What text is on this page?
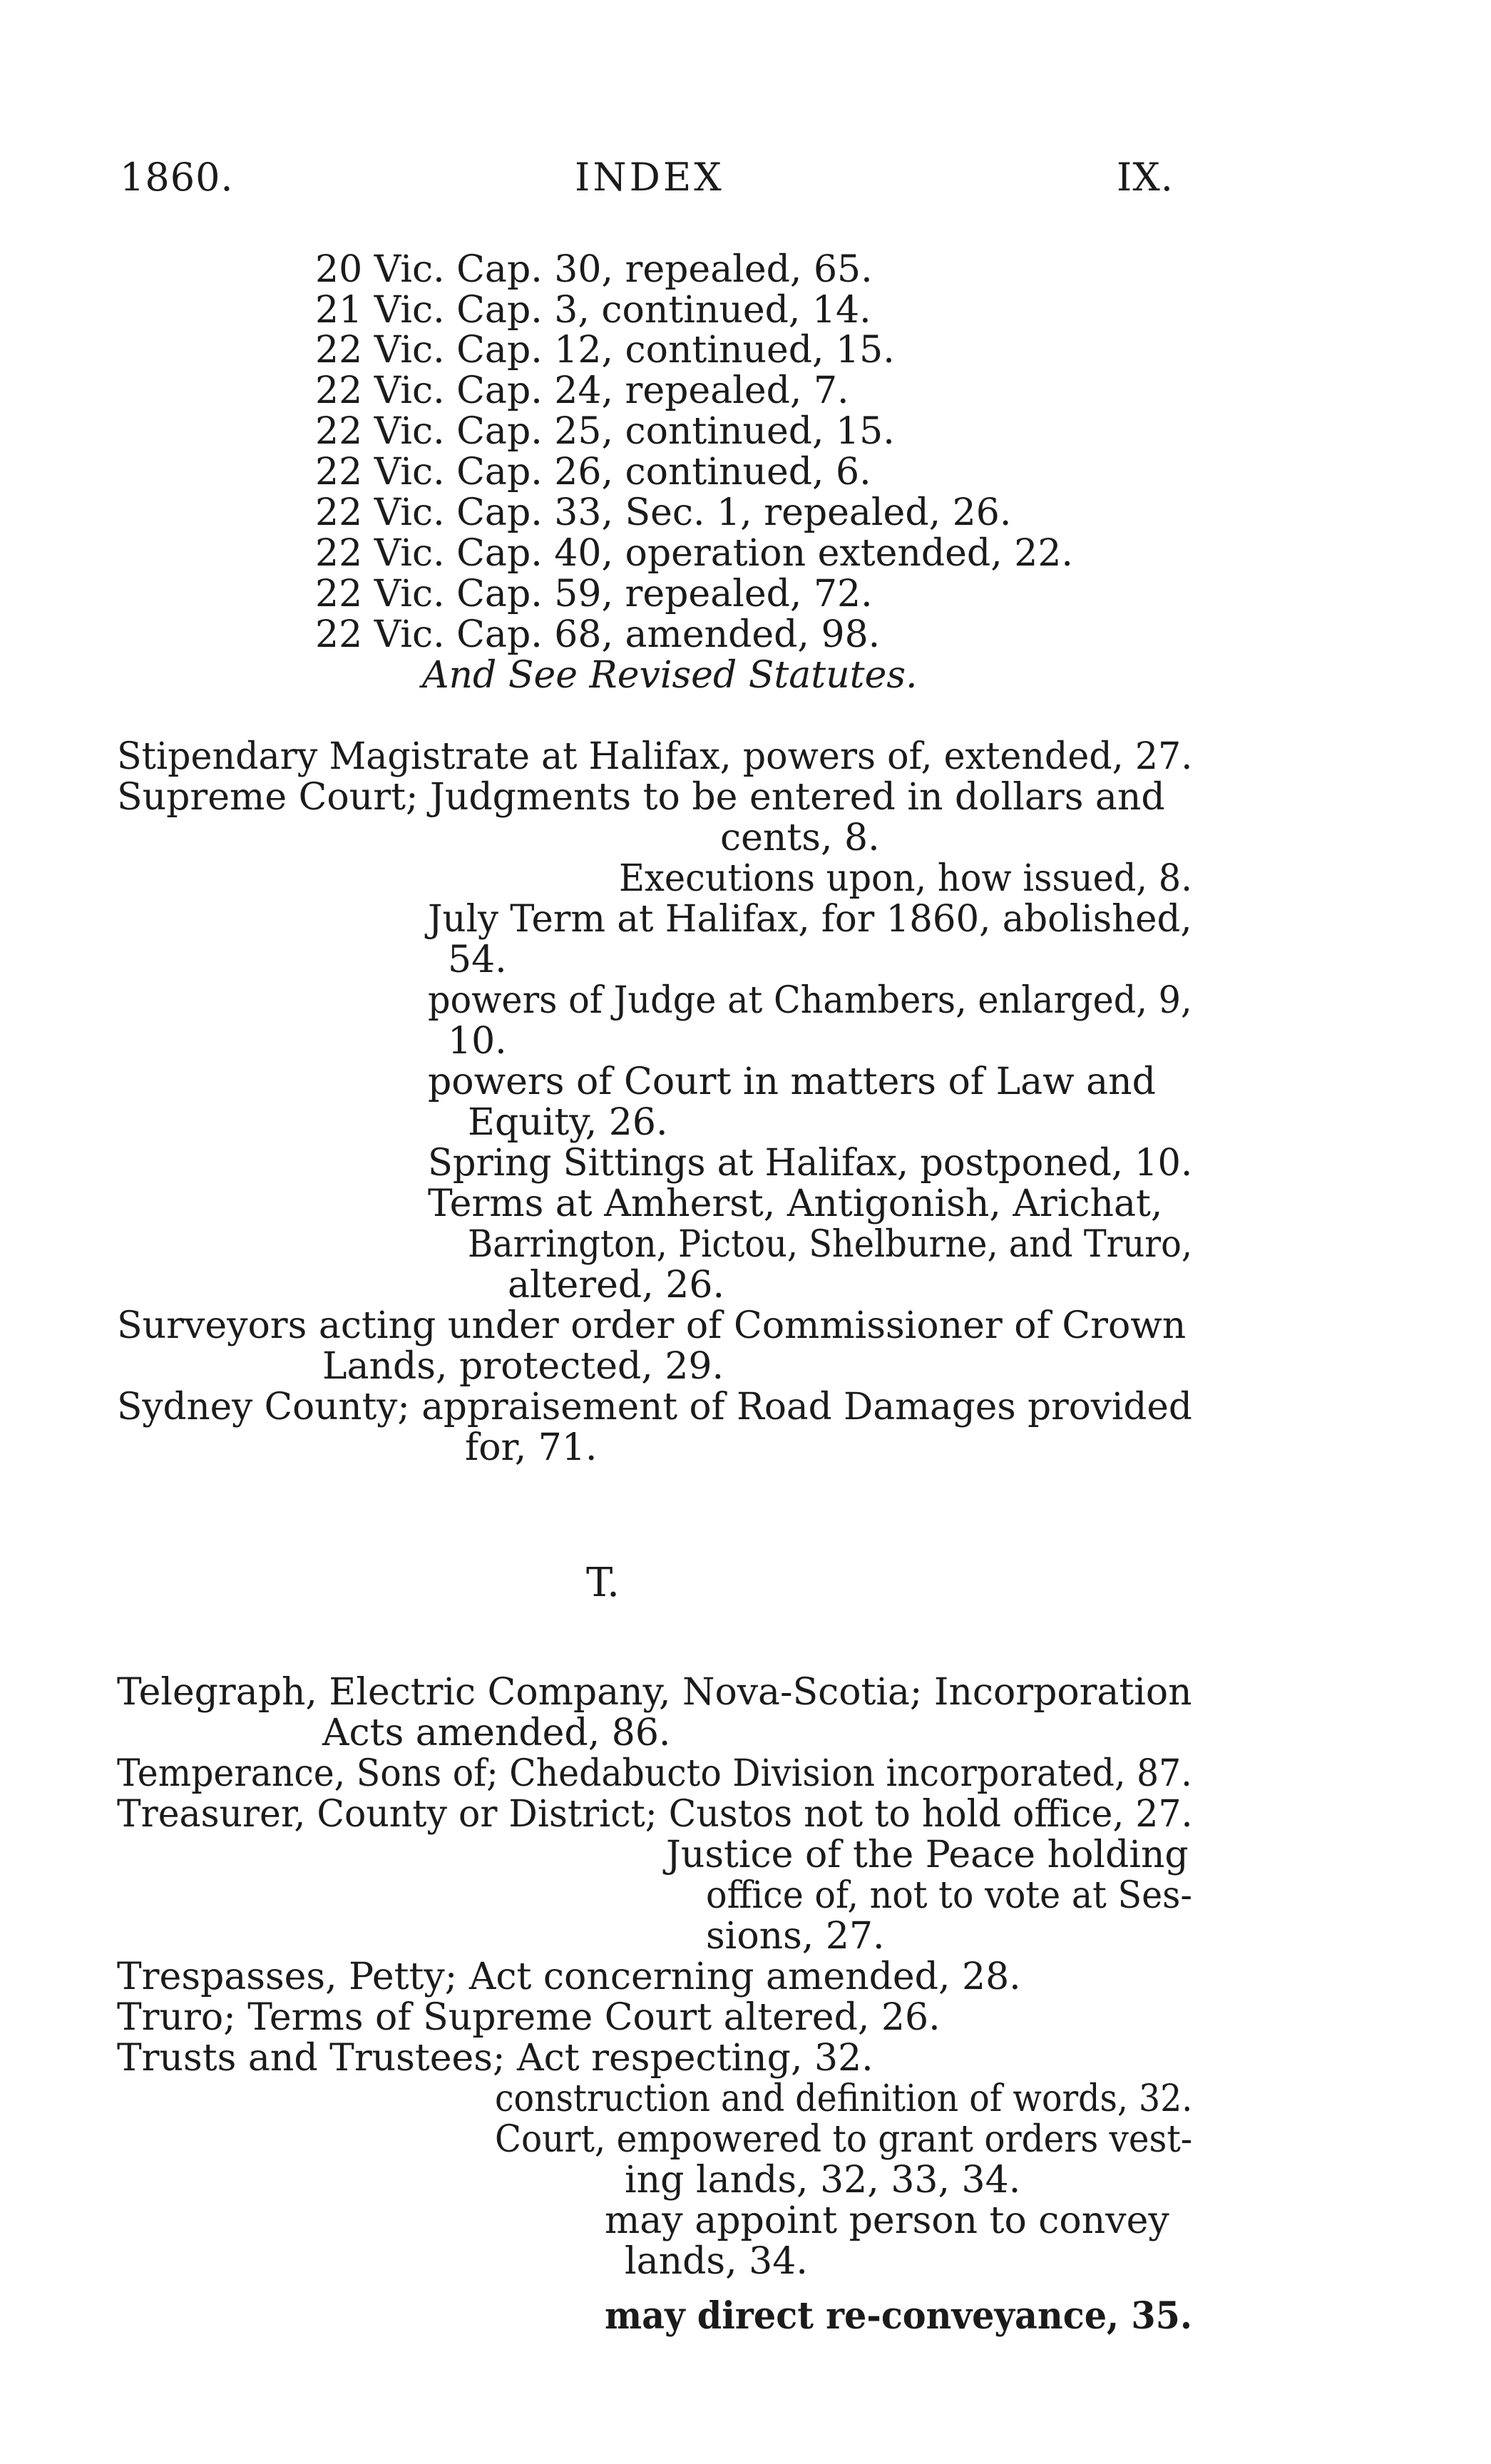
1860.	INDEX	IX.
20 Vic. Cap. 30, repealed, 65.
21 Vic. Cap. 3, continued, 14.
22 Vic. Cap. 12, continued, 15.
22 Vic. Cap. 24, repealed, 7.
22 Vic. Cap. 25, continued, 15.
22 Vic. Cap. 26, continued, 6.
22 Vic. Cap. 33, Sec. 1, repealed, 26.
22 Vic. Cap. 40, operation extended, 22.
22 Vic. Cap. 59, repealed, 72.
22 Vic. Cap. 68, amended, 98.
And See Revised Statutes.
Stipendary Magistrate at Halifax, powers of, extended, 27.
Supreme Court; Judgments to be entered in dollars and
cents, 8.
Executions upon, how issued, 8.
July Term at Halifax, for 1860, abolished,
54.
powers of Judge at Chambers, enlarged, 9,
10.
powers of Court in matters of Law and
Equity, 26.
Spring Sittings at Halifax, postponed, 10.
Terms at Amherst, Antigonish, Arichat,
Barrington, Pictou, Shelburne, and Truro,
altered, 26.
Surveyors acting under order of Commissioner of Crown
Lands, protected, 29.
Sydney County; appraisement of Road Damages provided
for, 71.
T.
Telegraph, Electric Company, Nova-Scotia; Incorporation
Acts amended, 86.
Temperance, Sons of; Chedabucto Division incorporated, 87.
Treasurer, County or District; Custos not to hold office, 27.
Justice of the Peace holding
office of, not to vote at Ses-
sions, 27.
Trespasses, Petty; Act concerning amended, 28.
Truro; Terms of Supreme Court altered, 26.
Trusts and Trustees; Act respecting, 32.
construction and definition of words, 32.
Court, empowered to grant orders vest-
ing lands, 32, 33, 34.
may appoint person to convey
lands, 34.
may direct re-conveyance, 35.
